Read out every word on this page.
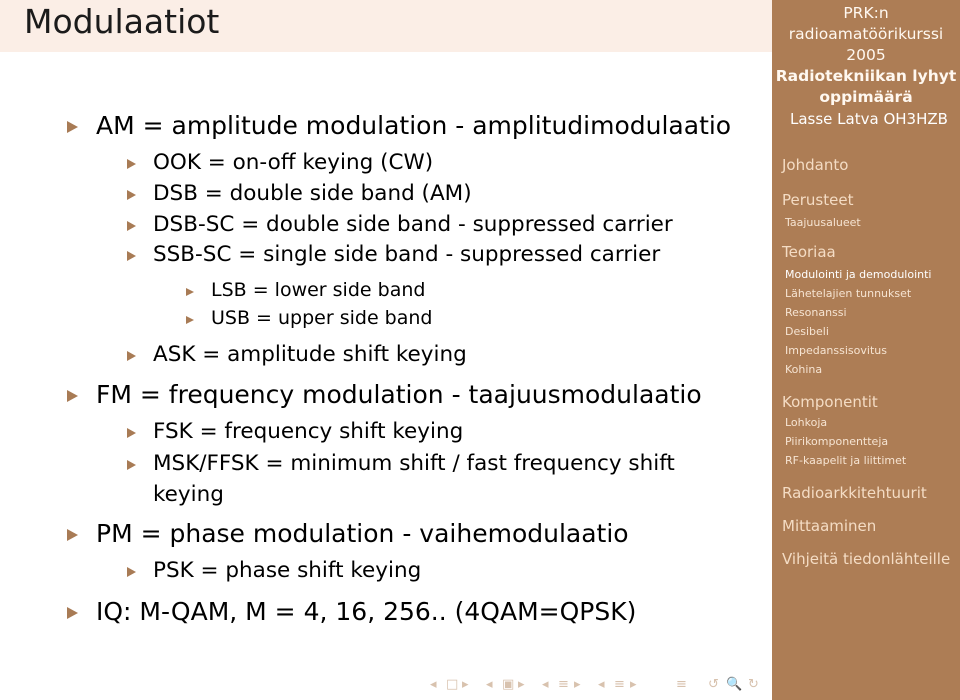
Modulaatiot	PRK:n
radioamatöörikurssi
2005
Radiotekniikan lyhyt
oppimäärä
Lasse Latva OH3HZB
Johdanto
Perusteet
Taajuusalueet
Teoriaa
Modulointi ja demodulointi
Lähetelajien tunnukset
Resonanssi
Desibeli
Impedanssisovitus
Kohina
Komponentit
Lohkoja
Piirikomponentteja
RF-kaapelit ja liittimet
Radioarkkitehtuurit
Mittaaminen
Vihjeitä tiedonlähteille
AM = amplitude modulation - amplitudimodulaatio
OOK = on-off keying (CW)
DSB = double side band (AM)
DSB-SC = double side band - suppressed carrier
SSB-SC = single side band - suppressed carrier
LSB = lower side band
USB = upper side band
ASK = amplitude shift keying
FM = frequency modulation - taajuusmodulaatio
FSK = frequency shift keying
MSK/FFSK = minimum shift / fast frequency shift
keying
PM = phase modulation - vaihemodulaatio
PSK = phase shift keying
IQ: M-QAM, M = 4, 16, 256.. (4QAM=QPSK)
◂ □ ▸ ◂ ▣ ▸ ◂ ≡ ▸ ◂ ≡ ▸	≡ ↺ 🔍 ↻
